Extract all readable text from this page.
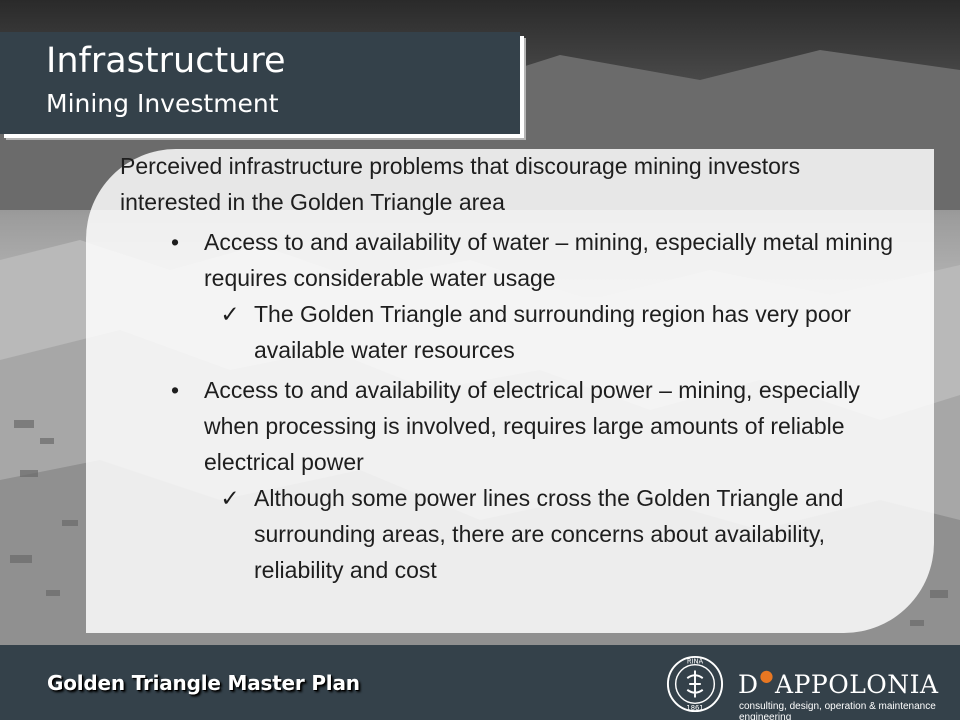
Infrastructure
Mining Investment

Perceived infrastructure problems that discourage mining investors interested in the Golden Triangle area

• Access to and availability of water – mining, especially metal mining requires considerable water usage
✓ The Golden Triangle and surrounding region has very poor available water resources
• Access to and availability of electrical power – mining, especially when processing is involved, requires large amounts of reliable electrical power
✓ Although some power lines cross the Golden Triangle and surrounding areas, there are concerns about availability, reliability and cost
Golden Triangle Master Plan
RINA
1861
D●APPOLONIA
consulting, design, operation & maintenance engineering
